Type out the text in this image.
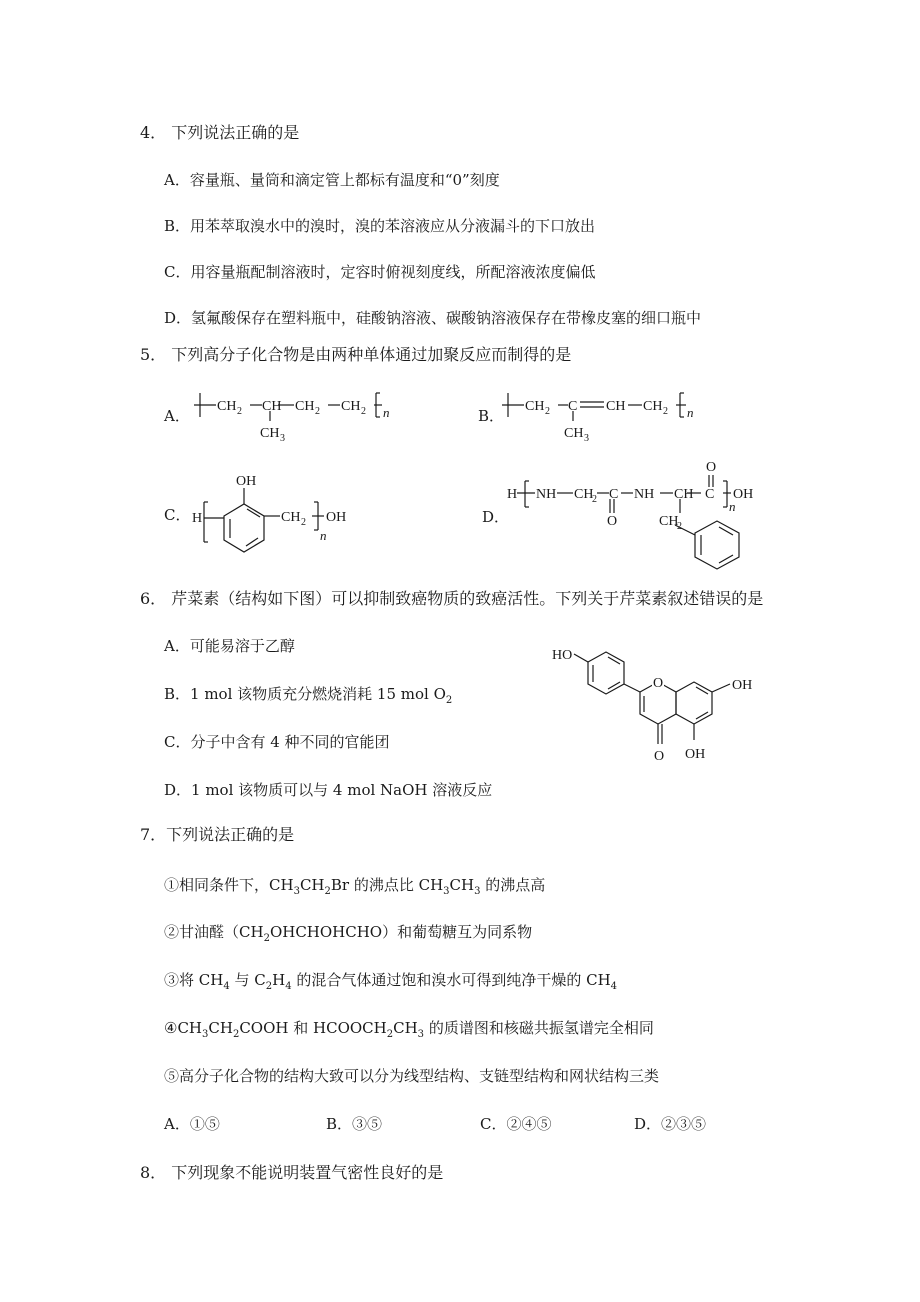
4． 下列说法正确的是
A．容量瓶、量筒和滴定管上都标有温度和“0”刻度
B．用苯萃取溴水中的溴时，溴的苯溶液应从分液漏斗的下口放出
C．用容量瓶配制溶液时，定容时俯视刻度线，所配溶液浓度偏低
D．氢氟酸保存在塑料瓶中，硅酸钠溶液、碳酸钠溶液保存在带橡皮塞的细口瓶中
5． 下列高分子化合物是由两种单体通过加聚反应而制得的是
A．
CH 2 CH CH 2 CH 2 n
CH 3
B．
CH 2 C CH CH 2 n
CH 3
C． H
OH
CH 2 OH
n
D．
H NH CH
2 C
O
NH CH
O
C OH
n
CH
2
6． 芹菜素（结构如下图）可以抑制致癌物质的致癌活性。下列关于芹菜素叙述错误的是
A．可能易溶于乙醇
B．1 mol 该物质充分燃烧消耗 15 mol $O_2$
C．分子中含有 4 种不同的官能团
D．1 mol 该物质可以与 4 mol NaOH 溶液反应
HO
O
O
OH
OH
7．下列说法正确的是
①相同条件下，$CH_3CH_2Br$ 的沸点比 $CH_3CH_3$ 的沸点高
②甘油醛$(CH_2OHCHOHCHO)$和葡萄糖互为同系物
③将 $CH_4$ 与 $C_2H_4$ 的混合气体通过饱和溴水可得到纯净干燥的 $CH_4$
$④CH_3CH_2COOH$ 和 $HCOOCH_2CH_3$ 的质谱图和核磁共振氢谱完全相同
⑤高分子化合物的结构大致可以分为线型结构、支链型结构和网状结构三类
A．①⑤	B．③⑤	C．②④⑤	D．②③⑤
8． 下列现象不能说明装置气密性良好的是
